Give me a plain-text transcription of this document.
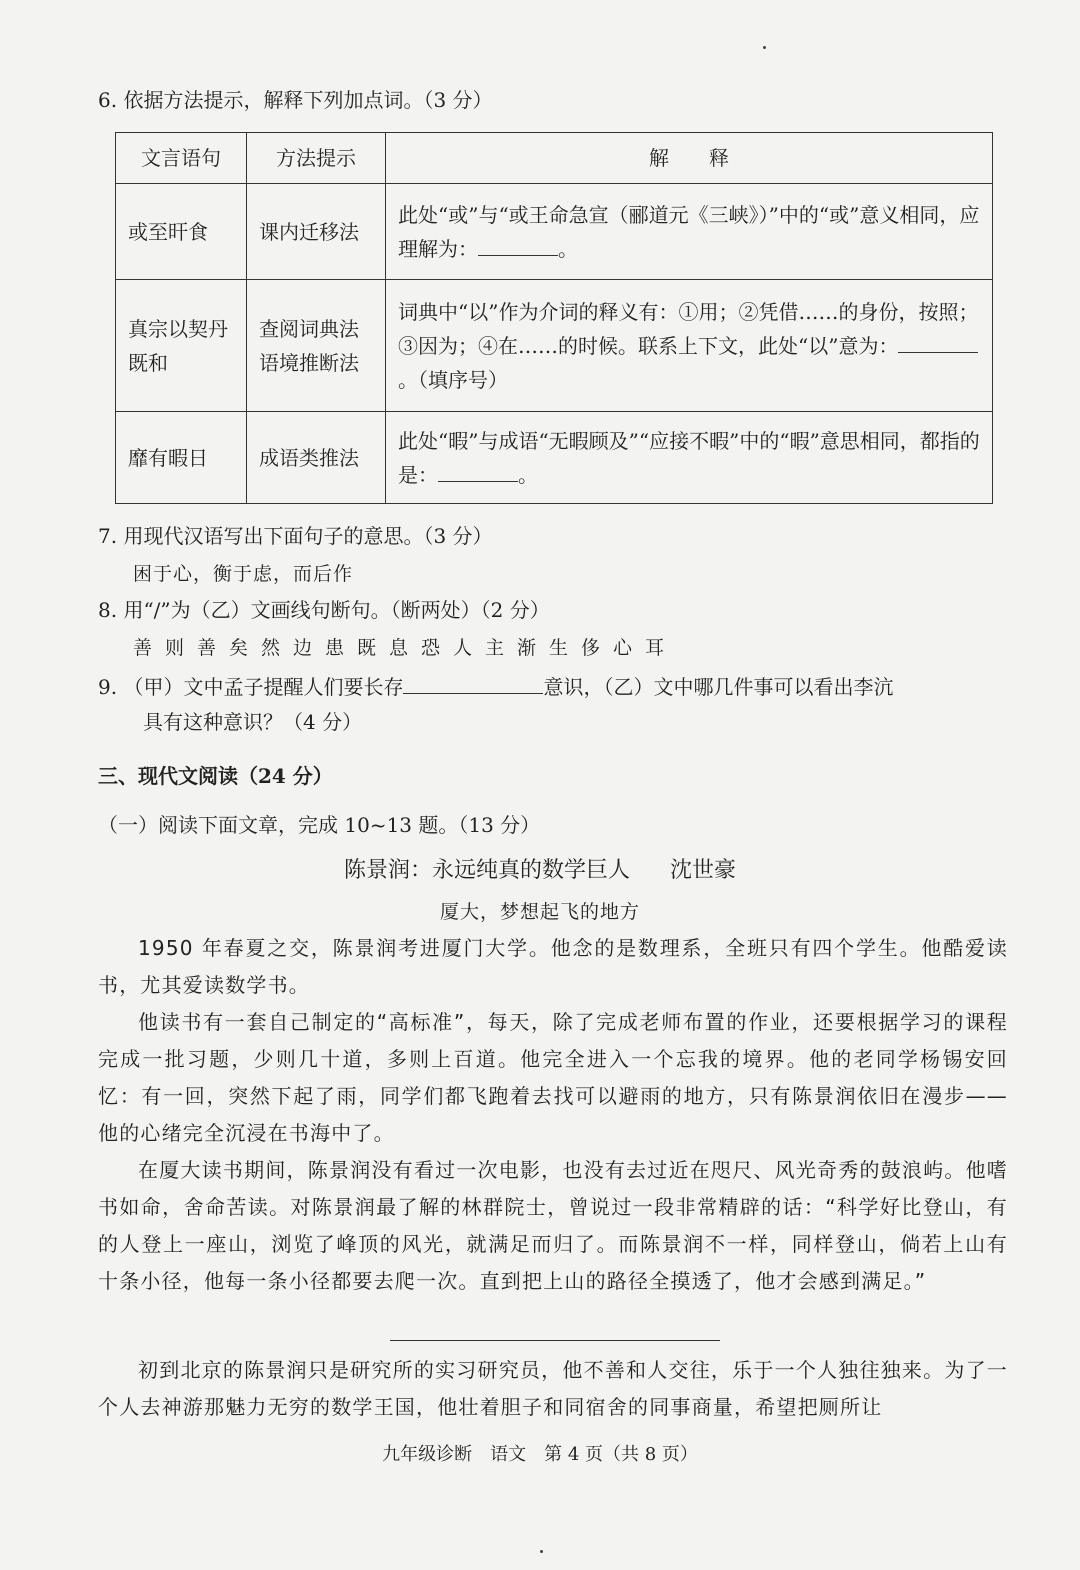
6. 依据方法提示，解释下列加点词。（3 分）
文言语句	方法提示	解　　释
或至旰食	课内迁移法	此处“或”与“或王命急宣（郦道元《三峡》）”中的“或”意义相同，应理解为： 。
真宗以契丹既和	查阅词典法 语境推断法	词典中“以”作为介词的释义有：①用；②凭借……的身份，按照；③因为；④在……的时候。联系上下文，此处“以”意为：。（填序号）
靡有暇日	成语类推法	此处“暇”与成语“无暇顾及”“应接不暇”中的“暇”意思相同，都指的是： 。
7. 用现代汉语写出下面句子的意思。（3 分）
困于心，衡于虑，而后作
8. 用“/”为（乙）文画线句断句。（断两处）（2 分）
善则善矣然边患既息恐人主渐生侈心耳
9. （甲）文中孟子提醒人们要长存	意识，（乙）文中哪几件事可以看出李沆
具有这种意识？（4 分）
三、现代文阅读（24 分）
（一）阅读下面文章，完成 10~13 题。（13 分）
陈景润：永远纯真的数学巨人 沈世豪
厦大，梦想起飞的地方

1950 年春夏之交，陈景润考进厦门大学。他念的是数理系，全班只有四个学生。他酷爱读书，尤其爱读数学书。

他读书有一套自己制定的“高标准”，每天，除了完成老师布置的作业，还要根据学习的课程完成一批习题，少则几十道，多则上百道。他完全进入一个忘我的境界。他的老同学杨锡安回忆：有一回，突然下起了雨，同学们都飞跑着去找可以避雨的地方，只有陈景润依旧在漫步——他的心绪完全沉浸在书海中了。

在厦大读书期间，陈景润没有看过一次电影，也没有去过近在咫尺、风光奇秀的鼓浪屿。他嗜书如命，舍命苦读。对陈景润最了解的林群院士，曾说过一段非常精辟的话：“科学好比登山，有的人登上一座山，浏览了峰顶的风光，就满足而归了。而陈景润不一样，同样登山，倘若上山有十条小径，他每一条小径都要去爬一次。直到把上山的路径全摸透了，他才会感到满足。”

初到北京的陈景润只是研究所的实习研究员，他不善和人交往，乐于一个人独往独来。为了一个人去神游那魅力无穷的数学王国，他壮着胆子和同宿舍的同事商量，希望把厕所让

九年级诊断　语文　第 4 页（共 8 页）
